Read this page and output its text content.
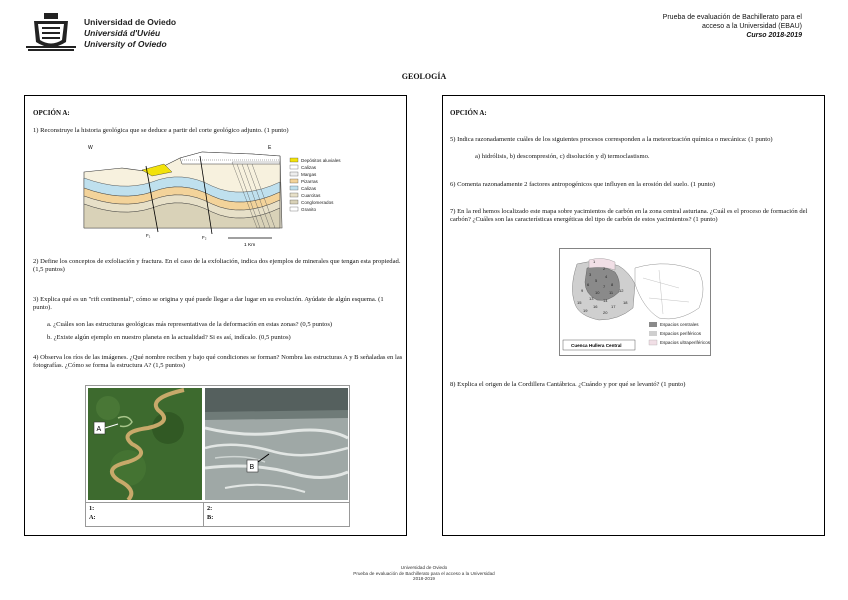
Universidad de Oviedo
Universidá d'Uviéu
University of Oviedo
Prueba de evaluación de Bachillerato para el
acceso a la Universidad (EBAU)
Curso 2018-2019
GEOLOGÍA
OPCIÓN A:
1) Reconstruye la historia geológica que se deduce a partir del corte geológico adjunto. (1 punto)
W	E
F₁	F₂
1 Km
Depósitos aluviales
Calizas
Margas
Pizarras
Calizas
Cuarcitas
Conglomerados
Granito
2) Define los conceptos de exfoliación y fractura. En el caso de la exfoliación, indica dos ejemplos de minerales que tengan esta propiedad. (1,5 puntos)
3) Explica qué es un "rift continental", cómo se origina y qué puede llegar a dar lugar en su evolución. Ayúdate de algún esquema. (1 punto).
a. ¿Cuáles son las estructuras geológicas más representativas de la deformación en estas zonas? (0,5 puntos)
b. ¿Existe algún ejemplo en nuestro planeta en la actualidad? Si es así, indícalo. (0,5 puntos)
4) Observa los ríos de las imágenes. ¿Qué nombre reciben y bajo qué condiciones se forman? Nombra las estructuras A y B señaladas en las fotografías. ¿Cómo se forma la estructura A? (1,5 puntos)
A
B
1:
A:
2:
B:
OPCIÓN A:
5) Indica razonadamente cuáles de los siguientes procesos corresponden a la meteorización química o mecánica: (1 punto)
a) hidrólisis, b) descompresión, c) disolución y d) termoclastismo.
6) Comenta razonadamente 2 factores antropogénicos que influyen en la erosión del suelo. (1 punto)
7) En la red hemos localizado este mapa sobre yacimientos de carbón en la zona central asturiana. ¿Cuál es el proceso de formación del carbón? ¿Cuáles son las características energéticas del tipo de carbón de estos yacimientos? (1 punto)
1
2
3	4
5
6	7 8
9	10 11 12
13 14
15
16	17
18
19	20
Espacios centrales
Espacios periféricos
Espacios ultraperiféricos
Cuenca Hullera Central
8) Explica el origen de la Cordillera Cantábrica. ¿Cuándo y por qué se levantó? (1 punto)
Universidad de Oviedo
Prueba de evaluación de Bachillerato para el acceso a la Universidad
2018-2019
